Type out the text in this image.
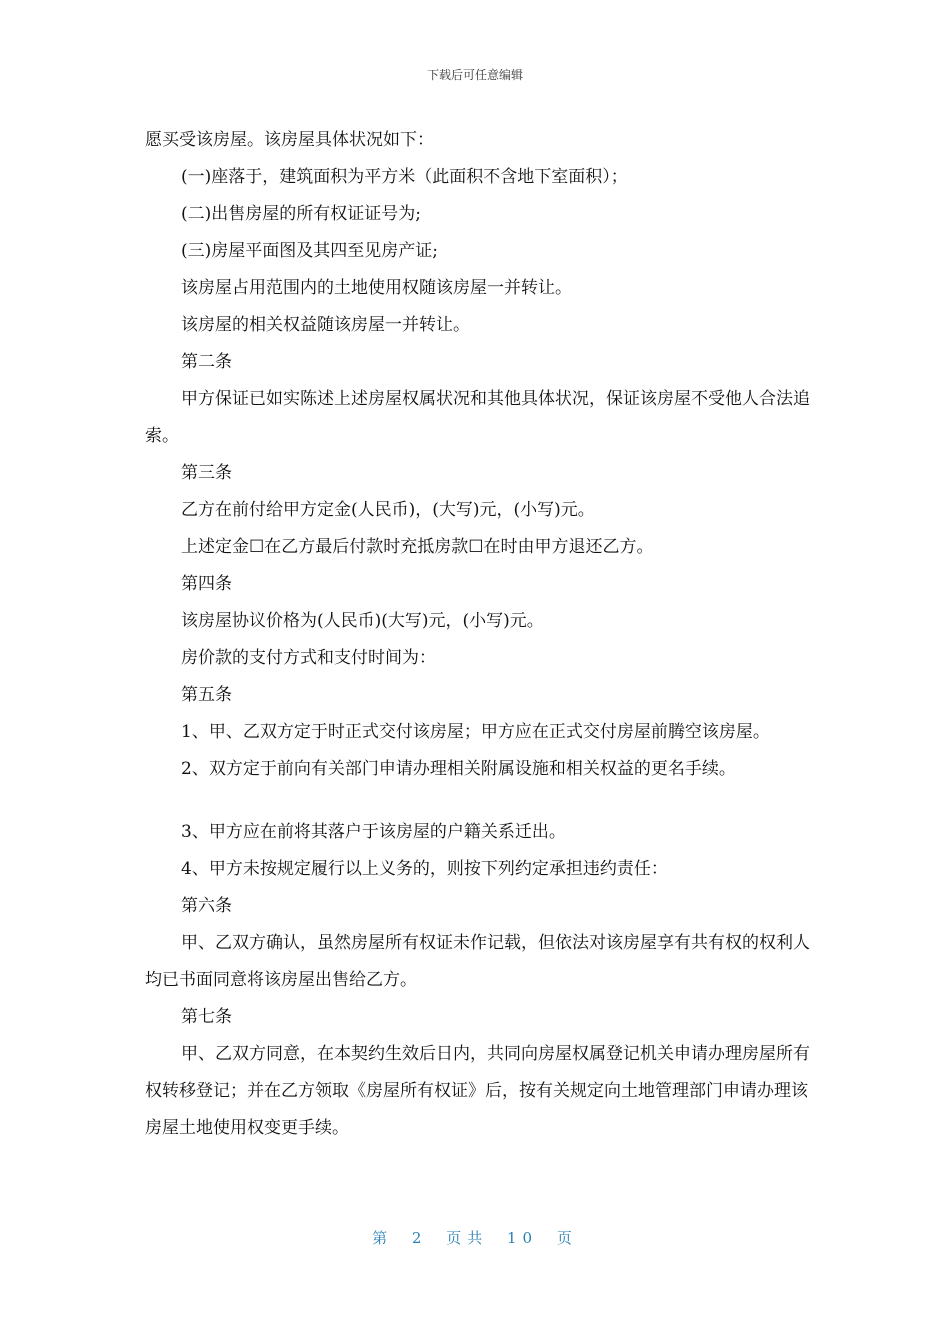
下载后可任意编辑

愿买受该房屋。该房屋具体状况如下：

(一)座落于，建筑面积为平方米（此面积不含地下室面积）；

(二)出售房屋的所有权证证号为;

(三)房屋平面图及其四至见房产证;

该房屋占用范围内的土地使用权随该房屋一并转让。

该房屋的相关权益随该房屋一并转让。

第二条

甲方保证已如实陈述上述房屋权属状况和其他具体状况，保证该房屋不受他人合法追索。

第三条

乙方在前付给甲方定金(人民币)，(大写)元，(小写)元。

上述定金☐在乙方最后付款时充抵房款☐在时由甲方退还乙方。

第四条

该房屋协议价格为(人民币)(大写)元，(小写)元。

房价款的支付方式和支付时间为：

第五条

1、甲、乙双方定于时正式交付该房屋；甲方应在正式交付房屋前腾空该房屋。

2、双方定于前向有关部门申请办理相关附属设施和相关权益的更名手续。

3、甲方应在前将其落户于该房屋的户籍关系迁出。

4、甲方未按规定履行以上义务的，则按下列约定承担违约责任：

第六条

甲、乙双方确认，虽然房屋所有权证未作记载，但依法对该房屋享有共有权的权利人均已书面同意将该房屋出售给乙方。

第七条

甲、乙双方同意，在本契约生效后日内，共同向房屋权属登记机关申请办理房屋所有权转移登记；并在乙方领取《房屋所有权证》后，按有关规定向土地管理部门申请办理该房屋土地使用权变更手续。

第 2 页共 10 页
